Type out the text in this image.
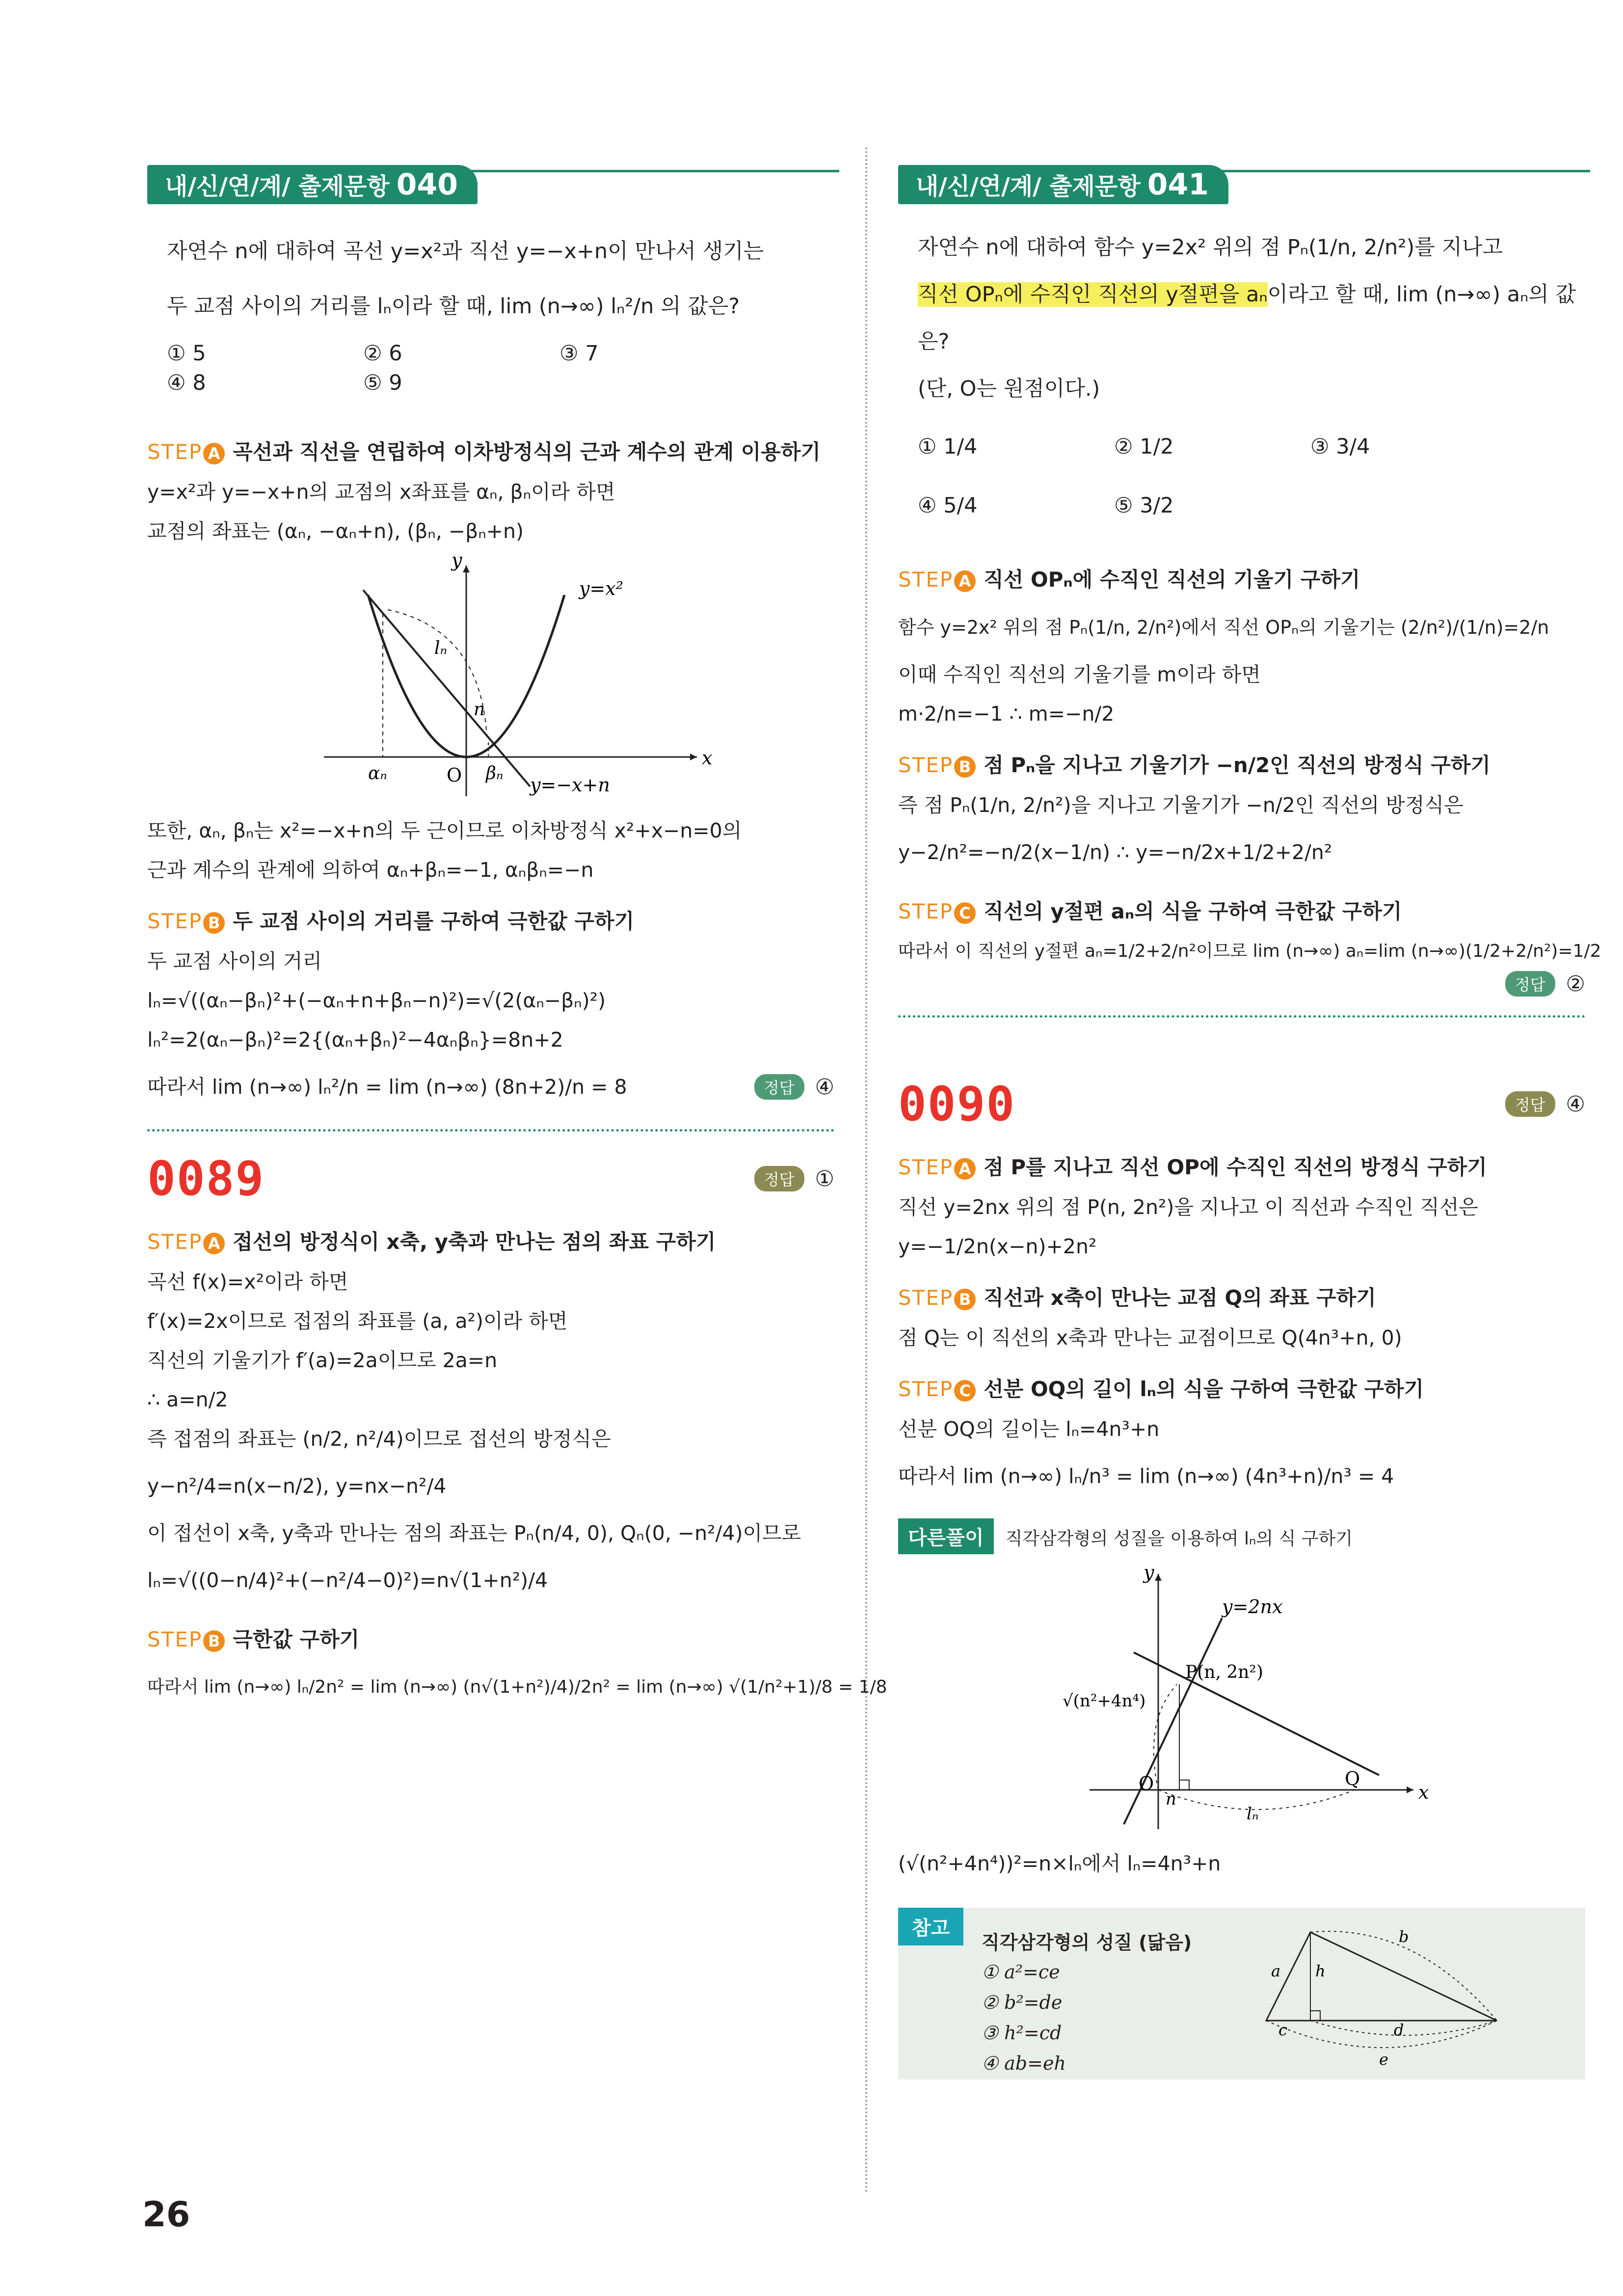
내/신/연/계/ 출제문항 040
자연수 n에 대하여 곡선 y=x²과 직선 y=−x+n이 만나서 생기는
두 교점 사이의 거리를 lₙ이라 할 때, lim (n→∞) lₙ²/n 의 값은?
① 5	② 6	③ 7
④ 8	⑤ 9
STEP A 곡선과 직선을 연립하여 이차방정식의 근과 계수의 관계 이용하기
y=x²과 y=−x+n의 교점의 x좌표를 αₙ, βₙ이라 하면
교점의 좌표는 (αₙ, −αₙ+n), (βₙ, −βₙ+n)
y
x
O
y=x²
y=−x+n
lₙ
n
αₙ	βₙ
또한, αₙ, βₙ는 x²=−x+n의 두 근이므로 이차방정식 x²+x−n=0의
근과 계수의 관계에 의하여 αₙ+βₙ=−1, αₙβₙ=−n
STEP B 두 교점 사이의 거리를 구하여 극한값 구하기
두 교점 사이의 거리
lₙ=√((αₙ−βₙ)²+(−αₙ+n+βₙ−n)²)=√(2(αₙ−βₙ)²)
lₙ²=2(αₙ−βₙ)²=2{(αₙ+βₙ)²−4αₙβₙ}=8n+2
따라서 lim (n→∞) lₙ²/n = lim (n→∞) (8n+2)/n = 8	정답 ④
0089	정답 ①
STEP A 접선의 방정식이 x축, y축과 만나는 점의 좌표 구하기
곡선 f(x)=x²이라 하면
f′(x)=2x이므로 접점의 좌표를 (a, a²)이라 하면
직선의 기울기가 f′(a)=2a이므로 2a=n
∴ a=n/2
즉 접점의 좌표는 (n/2, n²/4)이므로 접선의 방정식은
y−n²/4=n(x−n/2), y=nx−n²/4
이 접선이 x축, y축과 만나는 점의 좌표는 Pₙ(n/4, 0), Qₙ(0, −n²/4)이므로
lₙ=√((0−n/4)²+(−n²/4−0)²)=n√(1+n²)/4
STEP B 극한값 구하기
따라서 lim (n→∞) lₙ/2n² = lim (n→∞) (n√(1+n²)/4)/2n² = lim (n→∞) √(1/n²+1)/8 = 1/8
내/신/연/계/ 출제문항 041
자연수 n에 대하여 함수 y=2x² 위의 점 Pₙ(1/n, 2/n²)를 지나고
직선 OPₙ에 수직인 직선의 y절편을 aₙ이라고 할 때, lim (n→∞) aₙ의 값은?
(단, O는 원점이다.)
① 1/4	② 1/2	③ 3/4
④ 5/4	⑤ 3/2
STEP A 직선 OPₙ에 수직인 직선의 기울기 구하기
함수 y=2x² 위의 점 Pₙ(1/n, 2/n²)에서 직선 OPₙ의 기울기는 (2/n²)/(1/n)=2/n
이때 수직인 직선의 기울기를 m이라 하면
m·2/n=−1 ∴ m=−n/2
STEP B 점 Pₙ을 지나고 기울기가 −n/2인 직선의 방정식 구하기
즉 점 Pₙ(1/n, 2/n²)을 지나고 기울기가 −n/2인 직선의 방정식은
y−2/n²=−n/2(x−1/n) ∴ y=−n/2x+1/2+2/n²
STEP C 직선의 y절편 aₙ의 식을 구하여 극한값 구하기
따라서 이 직선의 y절편 aₙ=1/2+2/n²이므로 lim (n→∞) aₙ=lim (n→∞)(1/2+2/n²)=1/2
정답 ②
0090	정답 ④
STEP A 점 P를 지나고 직선 OP에 수직인 직선의 방정식 구하기
직선 y=2nx 위의 점 P(n, 2n²)을 지나고 이 직선과 수직인 직선은
y=−1/2n(x−n)+2n²
STEP B 직선과 x축이 만나는 교점 Q의 좌표 구하기
점 Q는 이 직선의 x축과 만나는 교점이므로 Q(4n³+n, 0)
STEP C 선분 OQ의 길이 lₙ의 식을 구하여 극한값 구하기
선분 OQ의 길이는 lₙ=4n³+n
따라서 lim (n→∞) lₙ/n³ = lim (n→∞) (4n³+n)/n³ = 4
다른풀이 직각삼각형의 성질을 이용하여 lₙ의 식 구하기
y
x
O
y=2nx
P(n, 2n²)
Q
n
lₙ
√(n²+4n⁴)
(√(n²+4n⁴))²=n×lₙ에서 lₙ=4n³+n
참고
직각삼각형의 성질 (닮음)
① a²=ce
② b²=de
③ h²=cd
④ ab=eh
a
b
c	d
e
h
26
